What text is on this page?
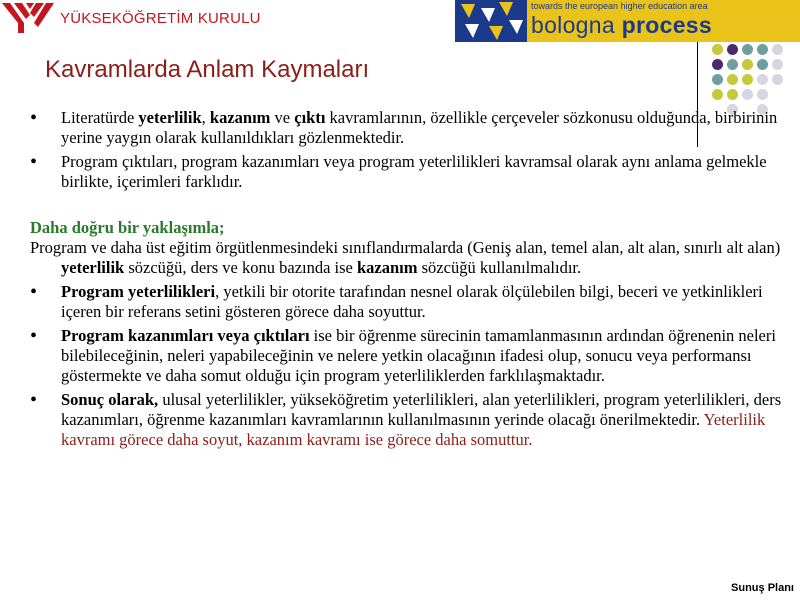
YÜKSEKÖĞRETİM KURULU
towards the european higher education area
bologna process
Kavramlarda Anlam Kaymaları
• Literatürde yeterlilik, kazanım ve çıktı kavramlarının, özellikle çerçeveler sözkonusu olduğunda, birbirinin yerine yaygın olarak kullanıldıkları gözlenmektedir.
• Program çıktıları, program kazanımları veya program yeterlilikleri kavramsal olarak aynı anlama gelmekle birlikte, içerimleri farklıdır.
Daha doğru bir yaklaşımla;
Program ve daha üst eğitim örgütlenmesindeki sınıflandırmalarda (Geniş alan, temel alan, alt alan, sınırlı alt alan) yeterlilik sözcüğü, ders ve konu bazında ise kazanım sözcüğü kullanılmalıdır.
• Program yeterlilikleri, yetkili bir otorite tarafından nesnel olarak ölçülebilen bilgi, beceri ve yetkinlikleri içeren bir referans setini gösteren görece daha soyuttur.
• Program kazanımları veya çıktıları ise bir öğrenme sürecinin tamamlanmasının ardından öğrenenin neleri bilebileceğinin, neleri yapabileceğinin ve nelere yetkin olacağının ifadesi olup, sonucu veya performansı göstermekte ve daha somut olduğu için program yeterliliklerden farklılaşmaktadır.
• Sonuç olarak, ulusal yeterlilikler, yükseköğretim yeterlilikleri, alan yeterlilikleri, program yeterlilikleri, ders kazanımları, öğrenme kazanımları kavramlarının kullanılmasının yerinde olacağı önerilmektedir. Yeterlilik kavramı görece daha soyut, kazanım kavramı ise görece daha somuttur.
Sunuş Planı
